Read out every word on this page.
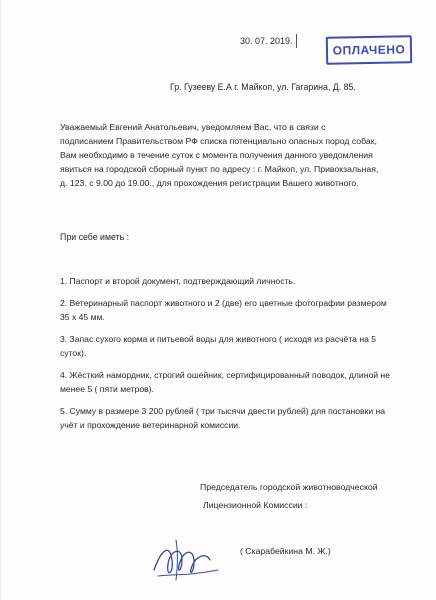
30. 07. 2019.
ОПЛАЧЕНО
Гр. Гузееву Е.А г. Майкоп, ул. Гагарина, Д. 85.
Уважаемый Евгений Анатольевич, уведомляем Вас, что в связи с подписанием Правительством РФ списка потенциально опасных пород собак, Вам необходимо в течение суток с момента получения данного уведомления явиться на городской сборный пункт по адресу : г. Майкоп, ул. Привокзальная, д. 123. с 9.00 до 19.00., для прохождения регистрации Вашего животного.
При себе иметь :
1. Паспорт и второй документ, подтверждающий личность.
2. Ветеринарный паспорт животного и 2 (две) его цветные фотографии размером 35 х 45 мм.
3. Запас сухого корма и питьевой воды для животного ( исходя из расчёта на 5 суток).
4. Жёсткий намордник, строгий ошейник, сертифицированный поводок, длиной не менее 5 ( пяти метров).
5. Сумму в размере 3 200 рублей ( три тысячи двести рублей) для постановки на учёт и прохождение ветеринарной комиссии.
Председатель городской животноводческой
Лицензионной Комиссии :
( Скарабейкина М. Ж.)
